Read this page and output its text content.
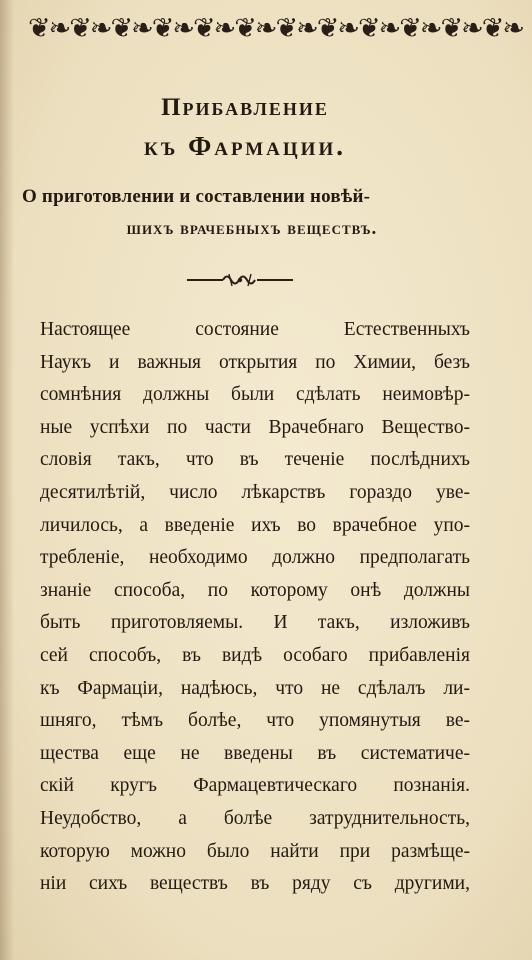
❦❧ ❦❧ ❦❧ ❦❧ ❦❧ ❦❧ ❦❧ ❦❧ ❦❧ ❦❧ ❦❧ ❦❧
Прибавление
къ Фармации.

О приготовлении и составлении новѣй-
шихъ врачебныхъ веществъ.

Настоящее состояние Естественныхъ
Наукъ и важныя открытия по Химии, безъ
сомнѣния должны были сдѣлать неимовѣр-
ные успѣхи по части Врачебнаго Веществo-
словія такъ, что въ теченіе послѣднихъ
десятилѣтій, число лѣкарствъ гораздо уве-
личилось, а введеніе ихъ во врачебное упо-
требленіе, необходимо должно предполагать
знаніе способа, по которому онѣ должны
быть приготовляемы. И такъ, изложивъ
сей способъ, въ видѣ особаго прибавленія
къ Фармаціи, надѣюсь, что не сдѣлалъ ли-
шняго, тѣмъ болѣе, что упомянутыя ве-
щества еще не введены въ систематиче-
скій кругъ Фармацевтическаго познанія.
Неудобство, а болѣе затруднительность,
которую можно было найти при размѣще-
ніи сихъ веществъ въ ряду съ другими,
